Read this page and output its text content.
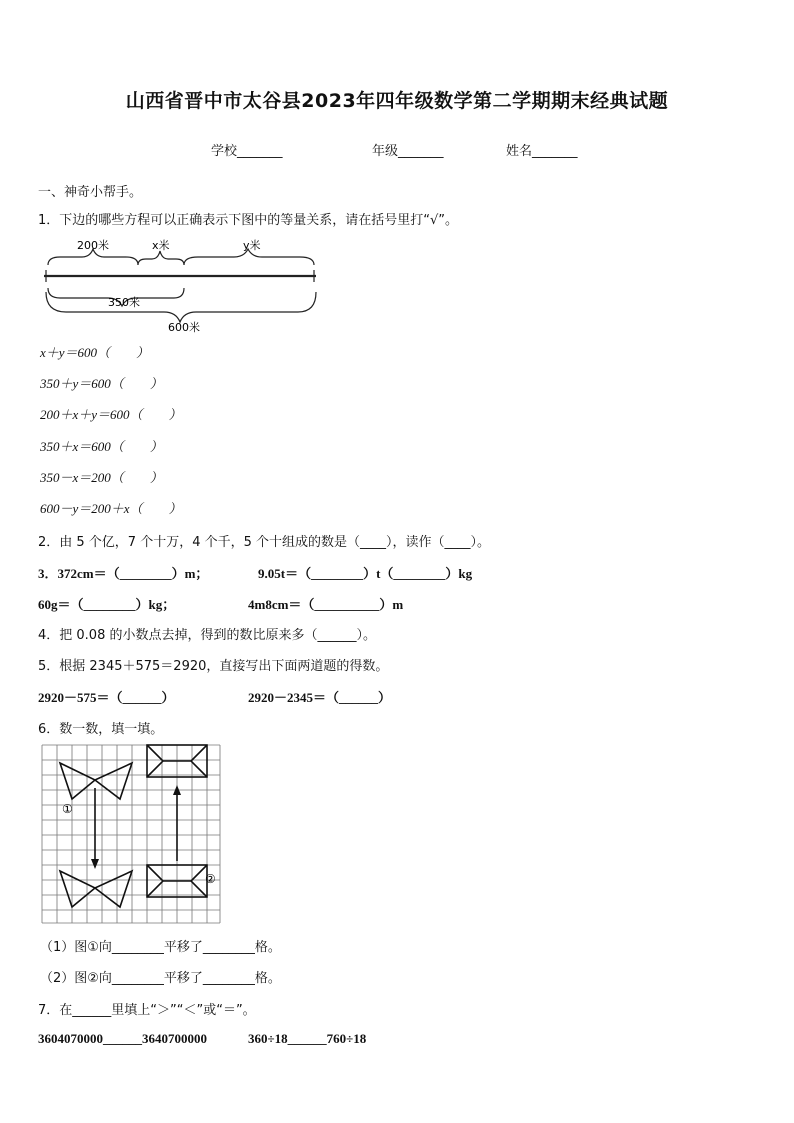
山西省晋中市太谷县2023年四年级数学第二学期期末经典试题
学校_______	年级_______	姓名_______
一、神奇小帮手。
1．下边的哪些方程可以正确表示下图中的等量关系，请在括号里打“√”。
200米	x米	y米
350米
600米
x＋y＝600（　　）
350＋y＝600（　　）
200＋x＋y＝600（　　）
350＋x＝600（　　）
350－x＝200（　　）
600－y＝200＋x（　　）
2．由 5 个亿，7 个十万，4 个千，5 个十组成的数是（____），读作（____）。
3．372cm＝（________）m；	9.05t＝（________）t（________）kg
60g＝（________）kg；	4m8cm＝（__________）m
4．把 0.08 的小数点去掉，得到的数比原来多（______）。
5．根据 2345＋575＝2920，直接写出下面两道题的得数。
2920－575＝（______）	2920－2345＝（______）
6．数一数，填一填。
①
②
（1）图①向________平移了________格。
（2）图②向________平移了________格。
7．在______里填上“＞”“＜”或“＝”。
3604070000______3640700000	360÷18______760÷18
